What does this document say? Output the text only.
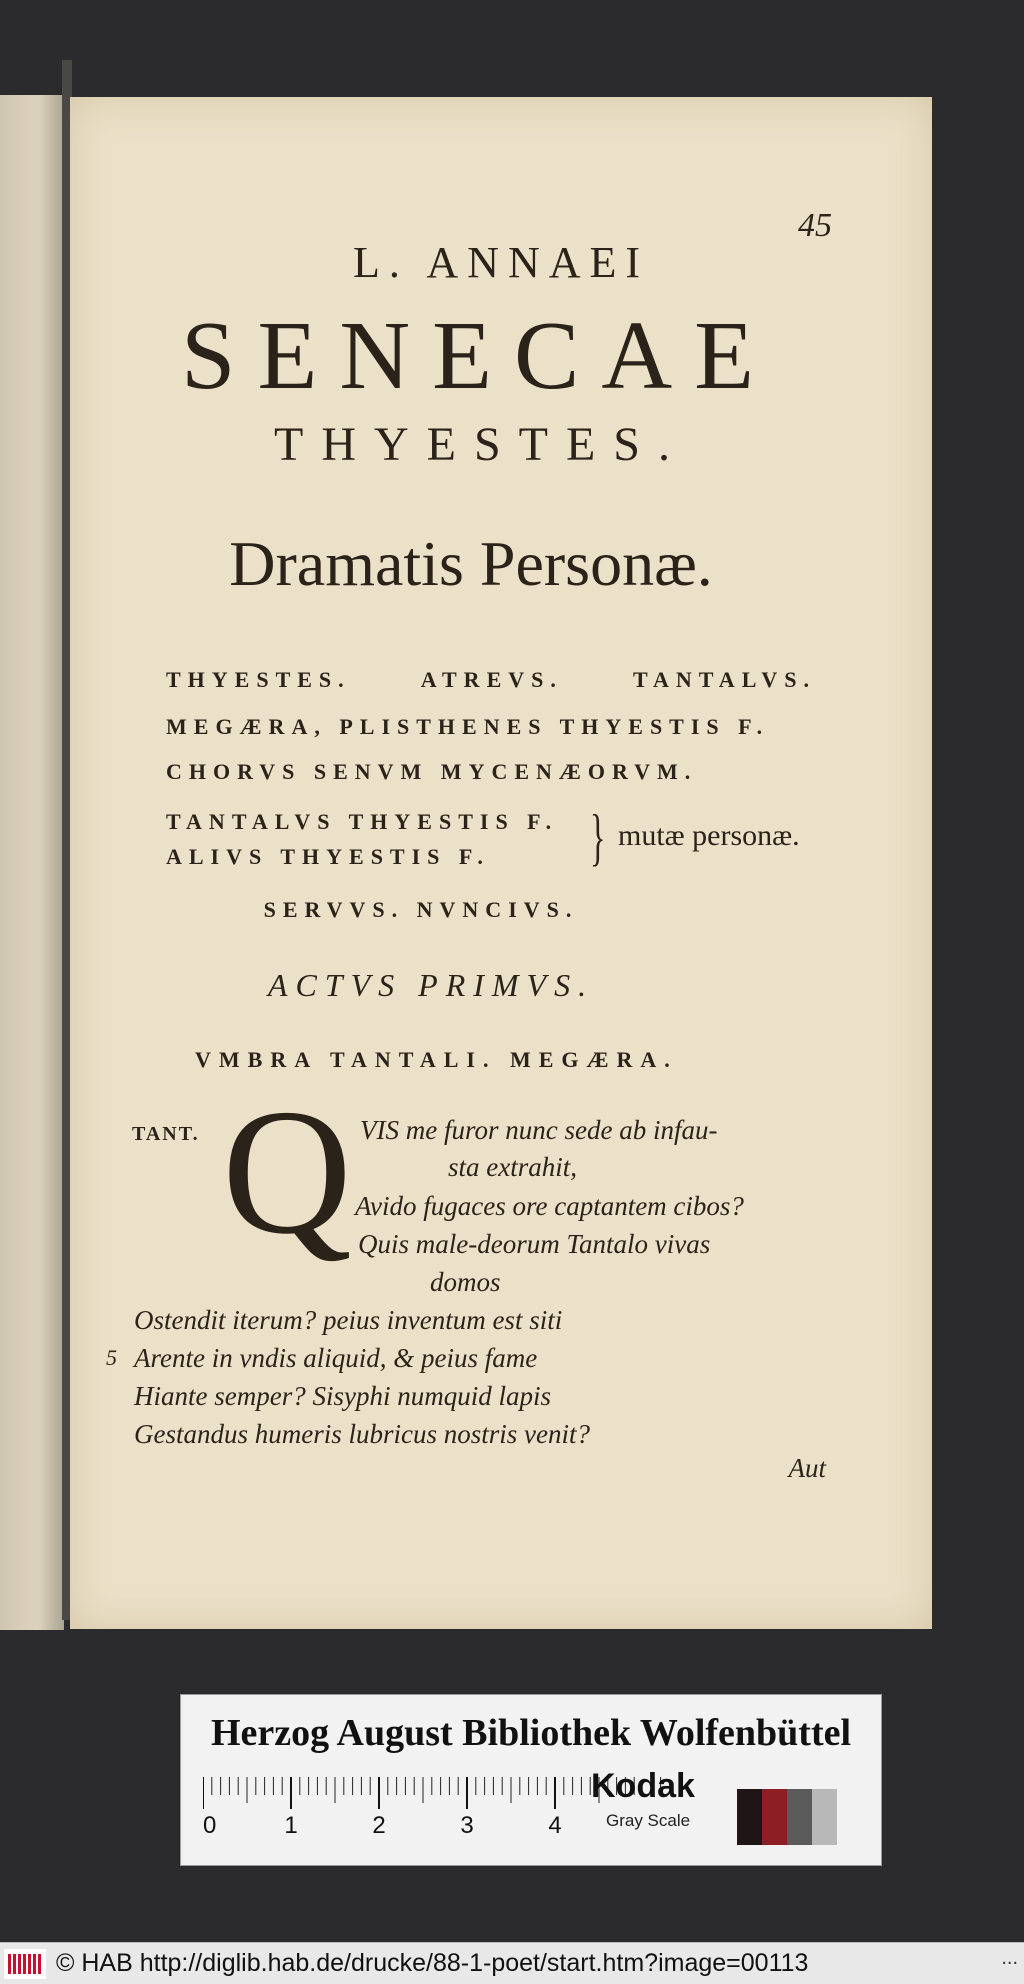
45
L. ANNAEI
SENECAE
THYESTES.
Dramatis Personæ.
THYESTES.	ATREVS.	TANTALVS.
MEGÆRA, PLISTHENES THYESTIS F.
CHORVS SENVM MYCENÆORVM.
TANTALVS THYESTIS F.
ALIVS THYESTIS F. } mutæ personæ.
SERVVS. NVNCIVS.
ACTVS PRIMVS.
VMBRA TANTALI. MEGÆRA.
TANT. Q VIS me furor nunc sede ab infau-
sta extrahit,
Avido fugaces ore captantem cibos?
Quis male-deorum Tantalo vivas
domos
Ostendit iterum? peius inventum est siti
Arente in vndis aliquid, & peius fame
Hiante semper? Sisyphi numquid lapis
Gestandus humeris lubricus nostris venit?
5
Aut
Herzog August Bibliothek Wolfenbüttel
0	1	2	3	4
Kodak
Gray Scale
© HAB http://diglib.hab.de/drucke/88-1-poet/start.htm?image=00113	...
